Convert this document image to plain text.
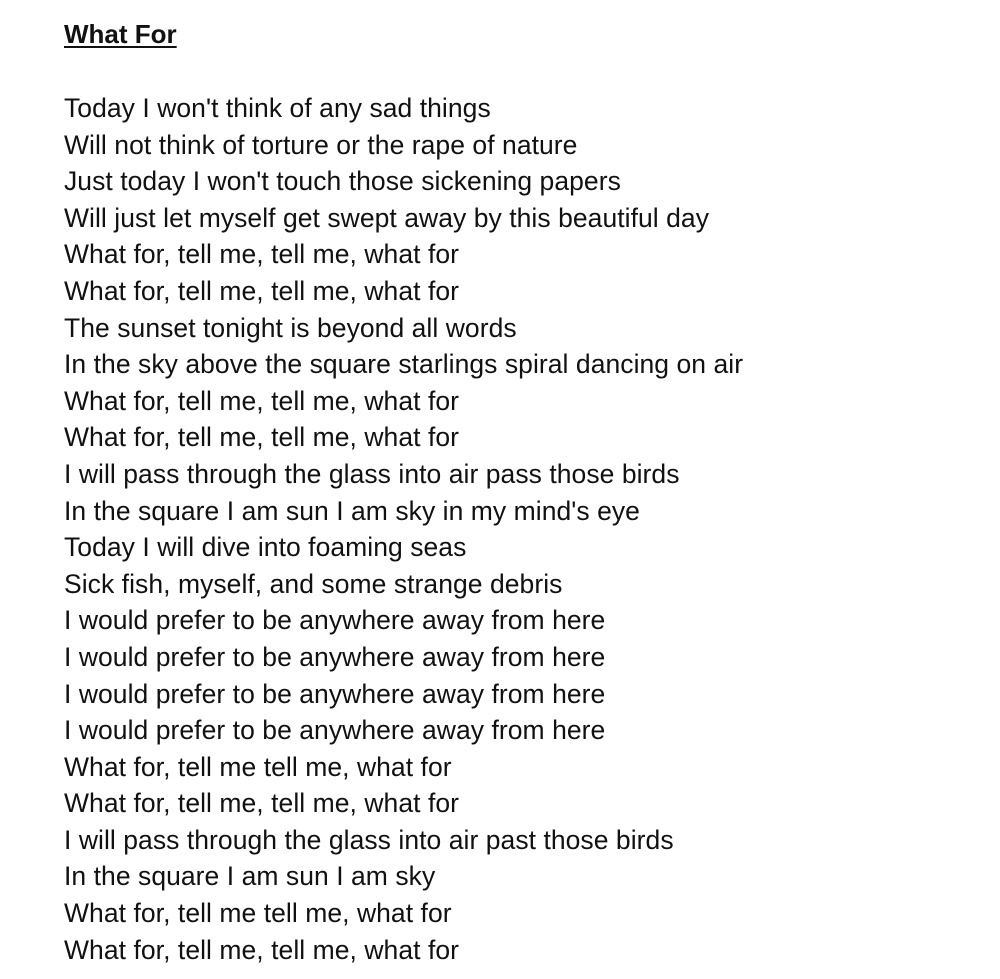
What For
Today I won't think of any sad things
Will not think of torture or the rape of nature
Just today I won't touch those sickening papers
Will just let myself get swept away by this beautiful day
What for, tell me, tell me, what for
What for, tell me, tell me, what for
The sunset tonight is beyond all words
In the sky above the square starlings spiral dancing on air
What for, tell me, tell me, what for
What for, tell me, tell me, what for
I will pass through the glass into air pass those birds
In the square I am sun I am sky in my mind's eye
Today I will dive into foaming seas
Sick fish, myself, and some strange debris
I would prefer to be anywhere away from here
I would prefer to be anywhere away from here
I would prefer to be anywhere away from here
I would prefer to be anywhere away from here
What for, tell me tell me, what for
What for, tell me, tell me, what for
I will pass through the glass into air past those birds
In the square I am sun I am sky
What for, tell me tell me, what for
What for, tell me, tell me, what for
